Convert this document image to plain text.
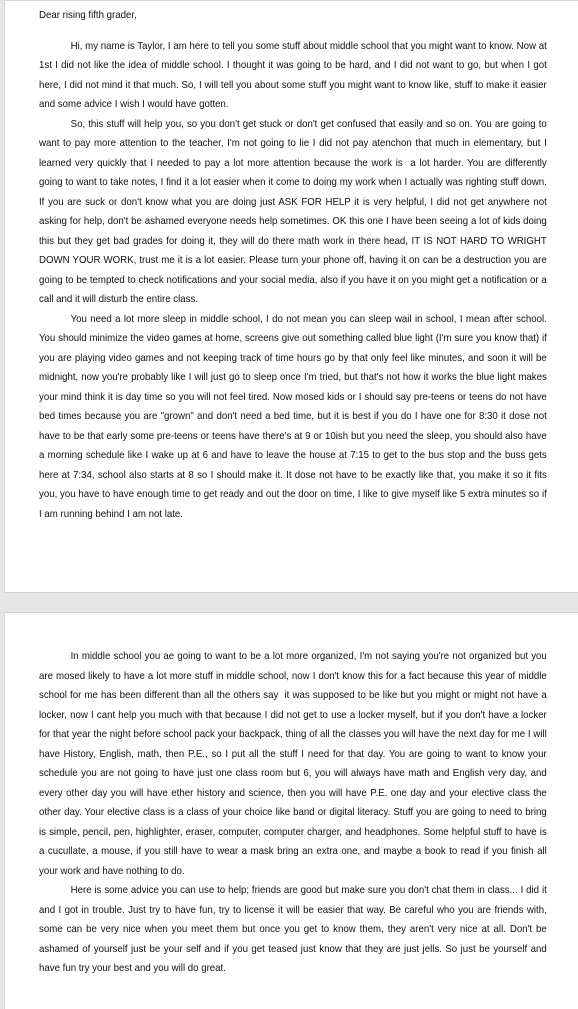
Dear rising fifth grader,

Hi, my name is Taylor, I am here to tell you some stuff about middle school that you might want to know. Now at 1st I did not like the idea of middle school. I thought it was going to be hard, and I did not want to go, but when I got here, I did not mind it that much. So, I will tell you about some stuff you might want to know like, stuff to make it easier and some advice I wish I would have gotten.

So, this stuff will help you, so you don't get stuck or don't get confused that easily and so on. You are going to want to pay more attention to the teacher, I'm not going to lie I did not pay atenchon that much in elementary, but I learned very quickly that I needed to pay a lot more attention because the work is  a lot harder. You are differently going to want to take notes, I find it a lot easier when it come to doing my work when I actually was righting stuff down. If you are suck or don't know what you are doing just ASK FOR HELP it is very helpful, I did not get anywhere not asking for help, don't be ashamed everyone needs help sometimes. OK this one I have been seeing a lot of kids doing this but they get bad grades for doing it, they will do there math work in there head, IT IS NOT HARD TO WRIGHT DOWN YOUR WORK, trust me it is a lot easier. Please turn your phone off, having it on can be a destruction you are going to be tempted to check notifications and your social media, also if you have it on you might get a notification or a call and it will disturb the entire class.

You need a lot more sleep in middle school, I do not mean you can sleep wail in school, I mean after school. You should minimize the video games at home, screens give out something called blue light (I'm sure you know that) if you are playing video games and not keeping track of time hours go by that only feel like minutes, and soon it will be midnight, now you're probably like I will just go to sleep once I'm tried, but that's not how it works the blue light makes your mind think it is day time so you will not feel tired. Now mosed kids or I should say pre-teens or teens do not have bed times because you are "grown" and don't need a bed time, but it is best if you do I have one for 8:30 it dose not have to be that early some pre-teens or teens have there's at 9 or 10ish but you need the sleep, you should also have a morning schedule like I wake up at 6 and have to leave the house at 7:15 to get to the bus stop and the buss gets here at 7:34, school also starts at 8 so I should make it. It dose not have to be exactly like that, you make it so it fits you, you have to have enough time to get ready and out the door on time, I like to give myself like 5 extra minutes so if I am running behind I am not late.

In middle school you ae going to want to be a lot more organized, I'm not saying you're not organized but you are mosed likely to have a lot more stuff in middle school, now I don't know this for a fact because this year of middle school for me has been different than all the others say  it was supposed to be like but you might or might not have a locker, now I cant help you much with that because I did not get to use a locker myself, but if you don't have a locker for that year the night before school pack your backpack, thing of all the classes you will have the next day for me I will have History, English, math, then P.E., so I put all the stuff I need for that day. You are going to want to know your schedule you are not going to have just one class room but 6, you will always have math and English very day, and every other day you will have ether history and science, then you will have P.E. one day and your elective class the other day. Your elective class is a class of your choice like band or digital literacy. Stuff you are going to need to bring is simple, pencil, pen, highlighter, eraser, computer, computer charger, and headphones. Some helpful stuff to have is a cucullate, a mouse, if you still have to wear a mask bring an extra one, and maybe a book to read if you finish all your work and have nothing to do.

Here is some advice you can use to help; friends are good but make sure you don't chat them in class... I did it and I got in trouble. Just try to have fun, try to license it will be easier that way. Be careful who you are friends with, some can be very nice when you meet them but once you get to know them, they aren't very nice at all. Don't be ashamed of yourself just be your self and if you get teased just know that they are just jells. So just be yourself and have fun try your best and you will do great.
